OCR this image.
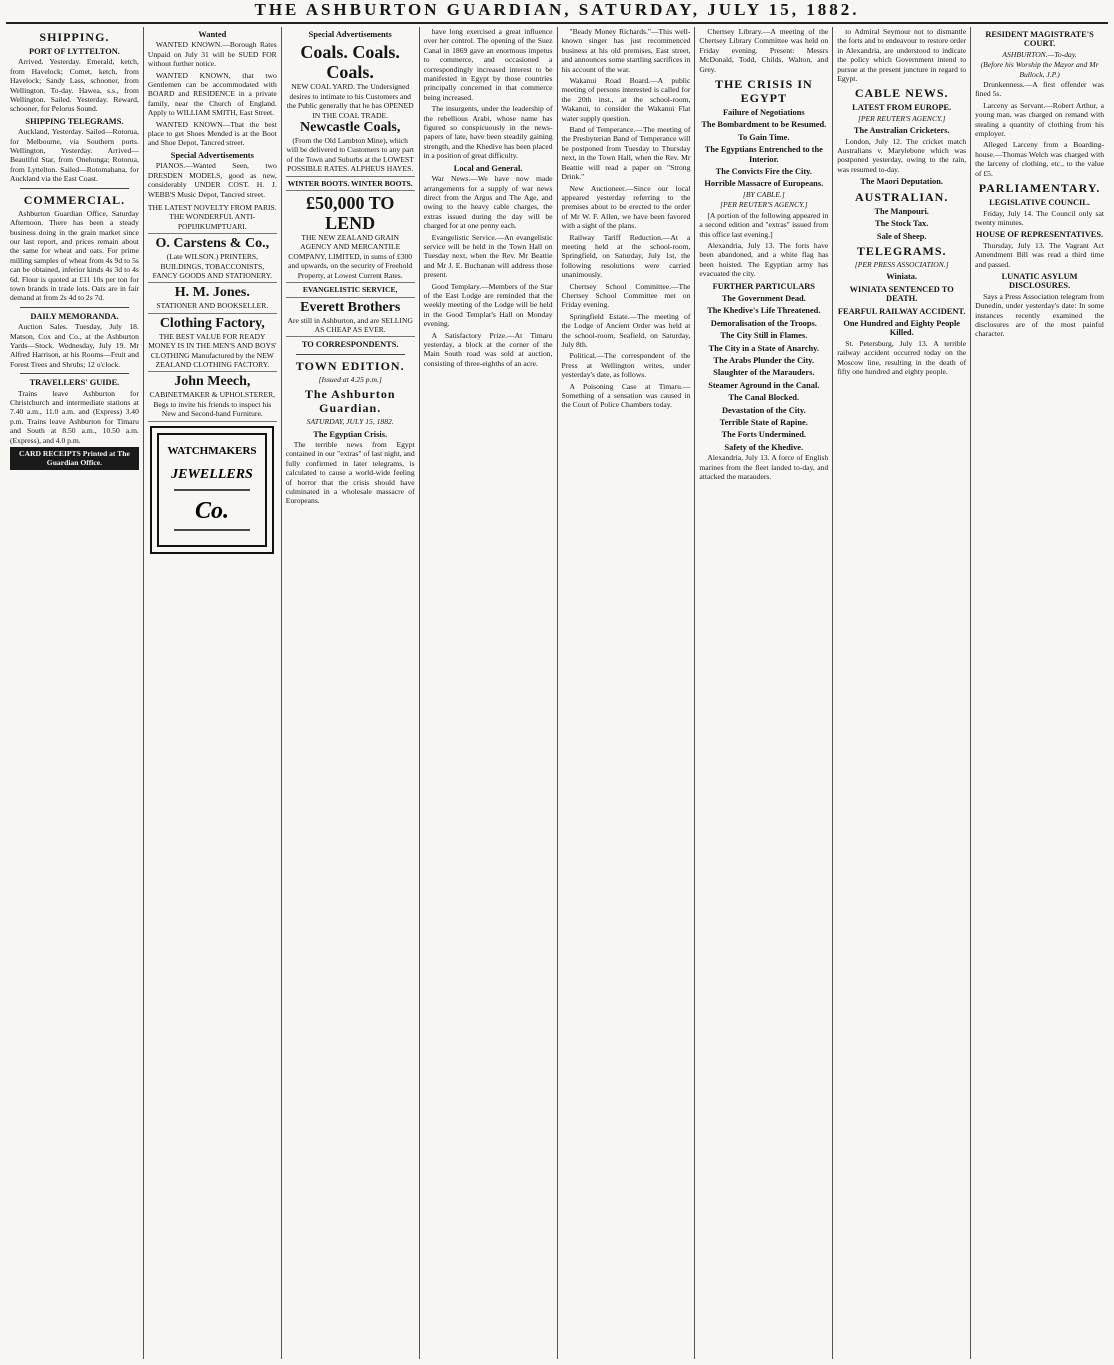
THE ASHBURTON GUARDIAN, SATURDAY, JULY 15, 1882.
SHIPPING.
PORT OF LYTTELTON.

Arrived. Yesterday. Emerald, ketch, from Havelock; Comet, ketch, from Havelock; Sandy Lass, schooner, from Wellington. To-day. Hawea, s.s., from Wellington. Sailed. Yesterday. Reward, schooner, for Pelorus Sound.

SHIPPING TELEGRAMS.

Auckland, Yesterday. Sailed—Rotorua, for Melbourne, via Southern ports. Wellington, Yesterday. Arrived—Beautiful Star, from Onehunga; Rotorua, from Lyttelton. Sailed—Rotomahana, for Auckland via the East Coast.

COMMERCIAL.

Ashburton Guardian Office, Saturday Afternoon. There has been a steady business doing in the grain market since our last report, and prices remain about the same for wheat and oats. For prime milling samples of wheat from 4s 9d to 5s can be obtained, inferior kinds 4s 3d to 4s 6d. Flour is quoted at £11 10s per ton for town brands in trade lots. Oats are in fair demand at from 2s 4d to 2s 7d.

DAILY MEMORANDA.

Auction Sales. Tuesday, July 18. Matson, Cox and Co., at the Ashburton Yards—Stock. Wednesday, July 19. Mr Alfred Harrison, at his Rooms—Fruit and Forest Trees and Shrubs; 12 o'clock.

TRAVELLERS' GUIDE.

Trains leave Ashburton for Christchurch and intermediate stations at 7.40 a.m., 11.0 a.m. and (Express) 3.40 p.m. Trains leave Ashburton for Timaru and South at 8.50 a.m., 10.50 a.m. (Express), and 4.0 p.m.

CARD RECEIPTS Printed at The Guardian Office.
Wanted

WANTED KNOWN.—Borough Rates Unpaid on July 31 will be SUED FOR without further notice.

WANTED KNOWN, that two Gentlemen can be accommodated with BOARD and RESIDENCE in a private family, near the Church of England. Apply to WILLIAM SMITH, East Street.

WANTED KNOWN—That the best place to get Shoes Mended is at the Boot and Shoe Depot, Tancred street.

Special Advertisements

PIANOS.—Wanted Seen, two DRESDEN MODELS, good as new, considerably UNDER COST. H. J. WEBB'S Music Depot, Tancred street.

THE LATEST NOVELTY FROM PARIS. THE WONDERFUL ANTI-POPIJIKUMPTUARI.
O. Carstens & Co.,
(Late WILSON.) PRINTERS, BUILDINGS, TOBACCONISTS, FANCY GOODS AND STATIONERY.
H. M. Jones.
STATIONER AND BOOKSELLER.
Clothing Factory,
THE BEST VALUE FOR READY MONEY IS IN THE MEN'S AND BOYS' CLOTHING Manufactured by the NEW ZEALAND CLOTHING FACTORY.
John Meech,
CABINETMAKER & UPHOLSTERER, Begs to invite his friends to inspect his New and Second-hand Furniture.
WATCHMAKERS
JEWELLERS
Co.
Special Advertisements
Coals. Coals. Coals.
NEW COAL YARD. The Undersigned desires to intimate to his Customers and the Public generally that he has OPENED IN THE COAL TRADE.
Newcastle Coals,
(From the Old Lambton Mine), which will be delivered to Customers to any part of the Town and Suburbs at the LOWEST POSSIBLE RATES. ALPHEUS HAYES.
WINTER BOOTS. WINTER BOOTS.
£50,000 TO LEND
THE NEW ZEALAND GRAIN AGENCY AND MERCANTILE COMPANY, LIMITED, in sums of £300 and upwards, on the security of Freehold Property, at Lowest Current Rates.
EVANGELISTIC SERVICE,
Everett Brothers
Are still in Ashburton, and are SELLING AS CHEAP AS EVER.
TO CORRESPONDENTS.
TOWN EDITION.
[Issued at 4.25 p.m.]
The Ashburton Guardian.
SATURDAY, JULY 15, 1882.
The Egyptian Crisis.

The terrible news from Egypt contained in our "extras" of last night, and fully confirmed in later telegrams, is calculated to cause a world-wide feeling of horror that the crisis should have culminated in a wholesale massacre of Europeans.

have long exercised a great influence over her control. The opening of the Suez Canal in 1869 gave an enormous impetus to commerce, and occasioned a correspondingly increased interest to be manifested in Egypt by those countries principally concerned in that commerce being increased.

The insurgents, under the leadership of the rebellious Arabi, whose name has figured so conspicuously in the news-papers of late, have been steadily gaining strength, and the Khedive has been placed in a position of great difficulty.

Local and General.

War News.—We have now made arrangements for a supply of war news direct from the Argus and The Age, and owing to the heavy cable charges, the extras issued during the day will be charged for at one penny each.

Evangelistic Service.—An evangelistic service will be held in the Town Hall on Tuesday next, when the Rev. Mr Beattie and Mr J. E. Buchanan will address those present.

Good Templary.—Members of the Star of the East Lodge are reminded that the weekly meeting of the Lodge will be held in the Good Templar's Hall on Monday evening.

A Satisfactory Prize.—At Timaru yesterday, a block at the corner of the Main South road was sold at auction, consisting of three-eighths of an acre.

"Beady Money Richards."—This well-known singer has just recommenced business at his old premises, East street, and announces some startling sacrifices in his account of the war.

Wakanui Road Board.—A public meeting of persons interested is called for the 20th inst., at the school-room, Wakanui, to consider the Wakanui Flat water supply question.

Band of Temperance.—The meeting of the Presbyterian Band of Temperance will be postponed from Tuesday to Thursday next, in the Town Hall, when the Rev. Mr Beattie will read a paper on "Strong Drink."

New Auctioneer.—Since our local appeared yesterday referring to the premises about to be erected to the order of Mr W. F. Allen, we have been favored with a sight of the plans.

Railway Tariff Reduction.—At a meeting held at the school-room, Springfield, on Saturday, July 1st, the following resolutions were carried unanimously.

Chertsey School Committee.—The Chertsey School Committee met on Friday evening.

Springfield Estate.—The meeting of the Lodge of Ancient Order was held at the school-room, Seafield, on Saturday, July 8th.

Political.—The correspondent of the Press at Wellington writes, under yesterday's date, as follows.

A Poisoning Case at Timaru.—Something of a sensation was caused in the Court of Police Chambers today.

Chertsey Library.—A meeting of the Chertsey Library Committee was held on Friday evening. Present: Messrs McDonald, Todd, Childs, Walton, and Grey.

THE CRISIS IN EGYPT
Failure of Negotiations
The Bombardment to be Resumed.
To Gain Time.
The Egyptians Entrenched to the Interior.
The Convicts Fire the City.
Horrible Massacre of Europeans.
[BY CABLE.]
[PER REUTER'S AGENCY.]

[A portion of the following appeared in a second edition and "extras" issued from this office last evening.]

Alexandria, July 13. The forts have been abandoned, and a white flag has been hoisted. The Egyptian army has evacuated the city.

FURTHER PARTICULARS
The Government Dead.
The Khedive's Life Threatened.
Demoralisation of the Troops.
The City Still in Flames.
The City in a State of Anarchy.
The Arabs Plunder the City.
Slaughter of the Marauders.
Steamer Aground in the Canal.
The Canal Blocked.
Devastation of the City.
Terrible State of Rapine.
The Forts Undermined.
Safety of the Khedive.

Alexandria, July 13. A force of English marines from the fleet landed to-day, and attacked the marauders.

to Admiral Seymour not to dismantle the forts and to endeavour to restore order in Alexandria, are understood to indicate the policy which Government intend to pursue at the present juncture in regard to Egypt.

CABLE NEWS.
LATEST FROM EUROPE.
[PER REUTER'S AGENCY.]
The Australian Cricketers.

London, July 12. The cricket match Australians v. Marylebone which was postponed yesterday, owing to the rain, was resumed to-day.

The Maori Deputation.
AUSTRALIAN.
The Manpouri.
The Stock Tax.
Sale of Sheep.
TELEGRAMS.
[PER PRESS ASSOCIATION.]
Winiata.
WINIATA SENTENCED TO DEATH.
FEARFUL RAILWAY ACCIDENT.
One Hundred and Eighty People Killed.

St. Petersburg, July 13. A terrible railway accident occurred today on the Moscow line, resulting in the death of fifty one hundred and eighty people.

RESIDENT MAGISTRATE'S COURT.
ASHBURTON.—To-day.
(Before his Worship the Mayor and Mr Bullock, J.P.)

Drunkenness.—A first offender was fined 5s.

Larceny as Servant.—Robert Arthur, a young man, was charged on remand with stealing a quantity of clothing from his employer.

Alleged Larceny from a Boarding-house.—Thomas Welch was charged with the larceny of clothing, etc., to the value of £5.

PARLIAMENTARY.
LEGISLATIVE COUNCIL.

Friday, July 14. The Council only sat twenty minutes.

HOUSE OF REPRESENTATIVES.

Thursday, July 13. The Vagrant Act Amendment Bill was read a third time and passed.

LUNATIC ASYLUM DISCLOSURES.

Says a Press Association telegram from Dunedin, under yesterday's date: In some instances recently examined the disclosures are of the most painful character.
